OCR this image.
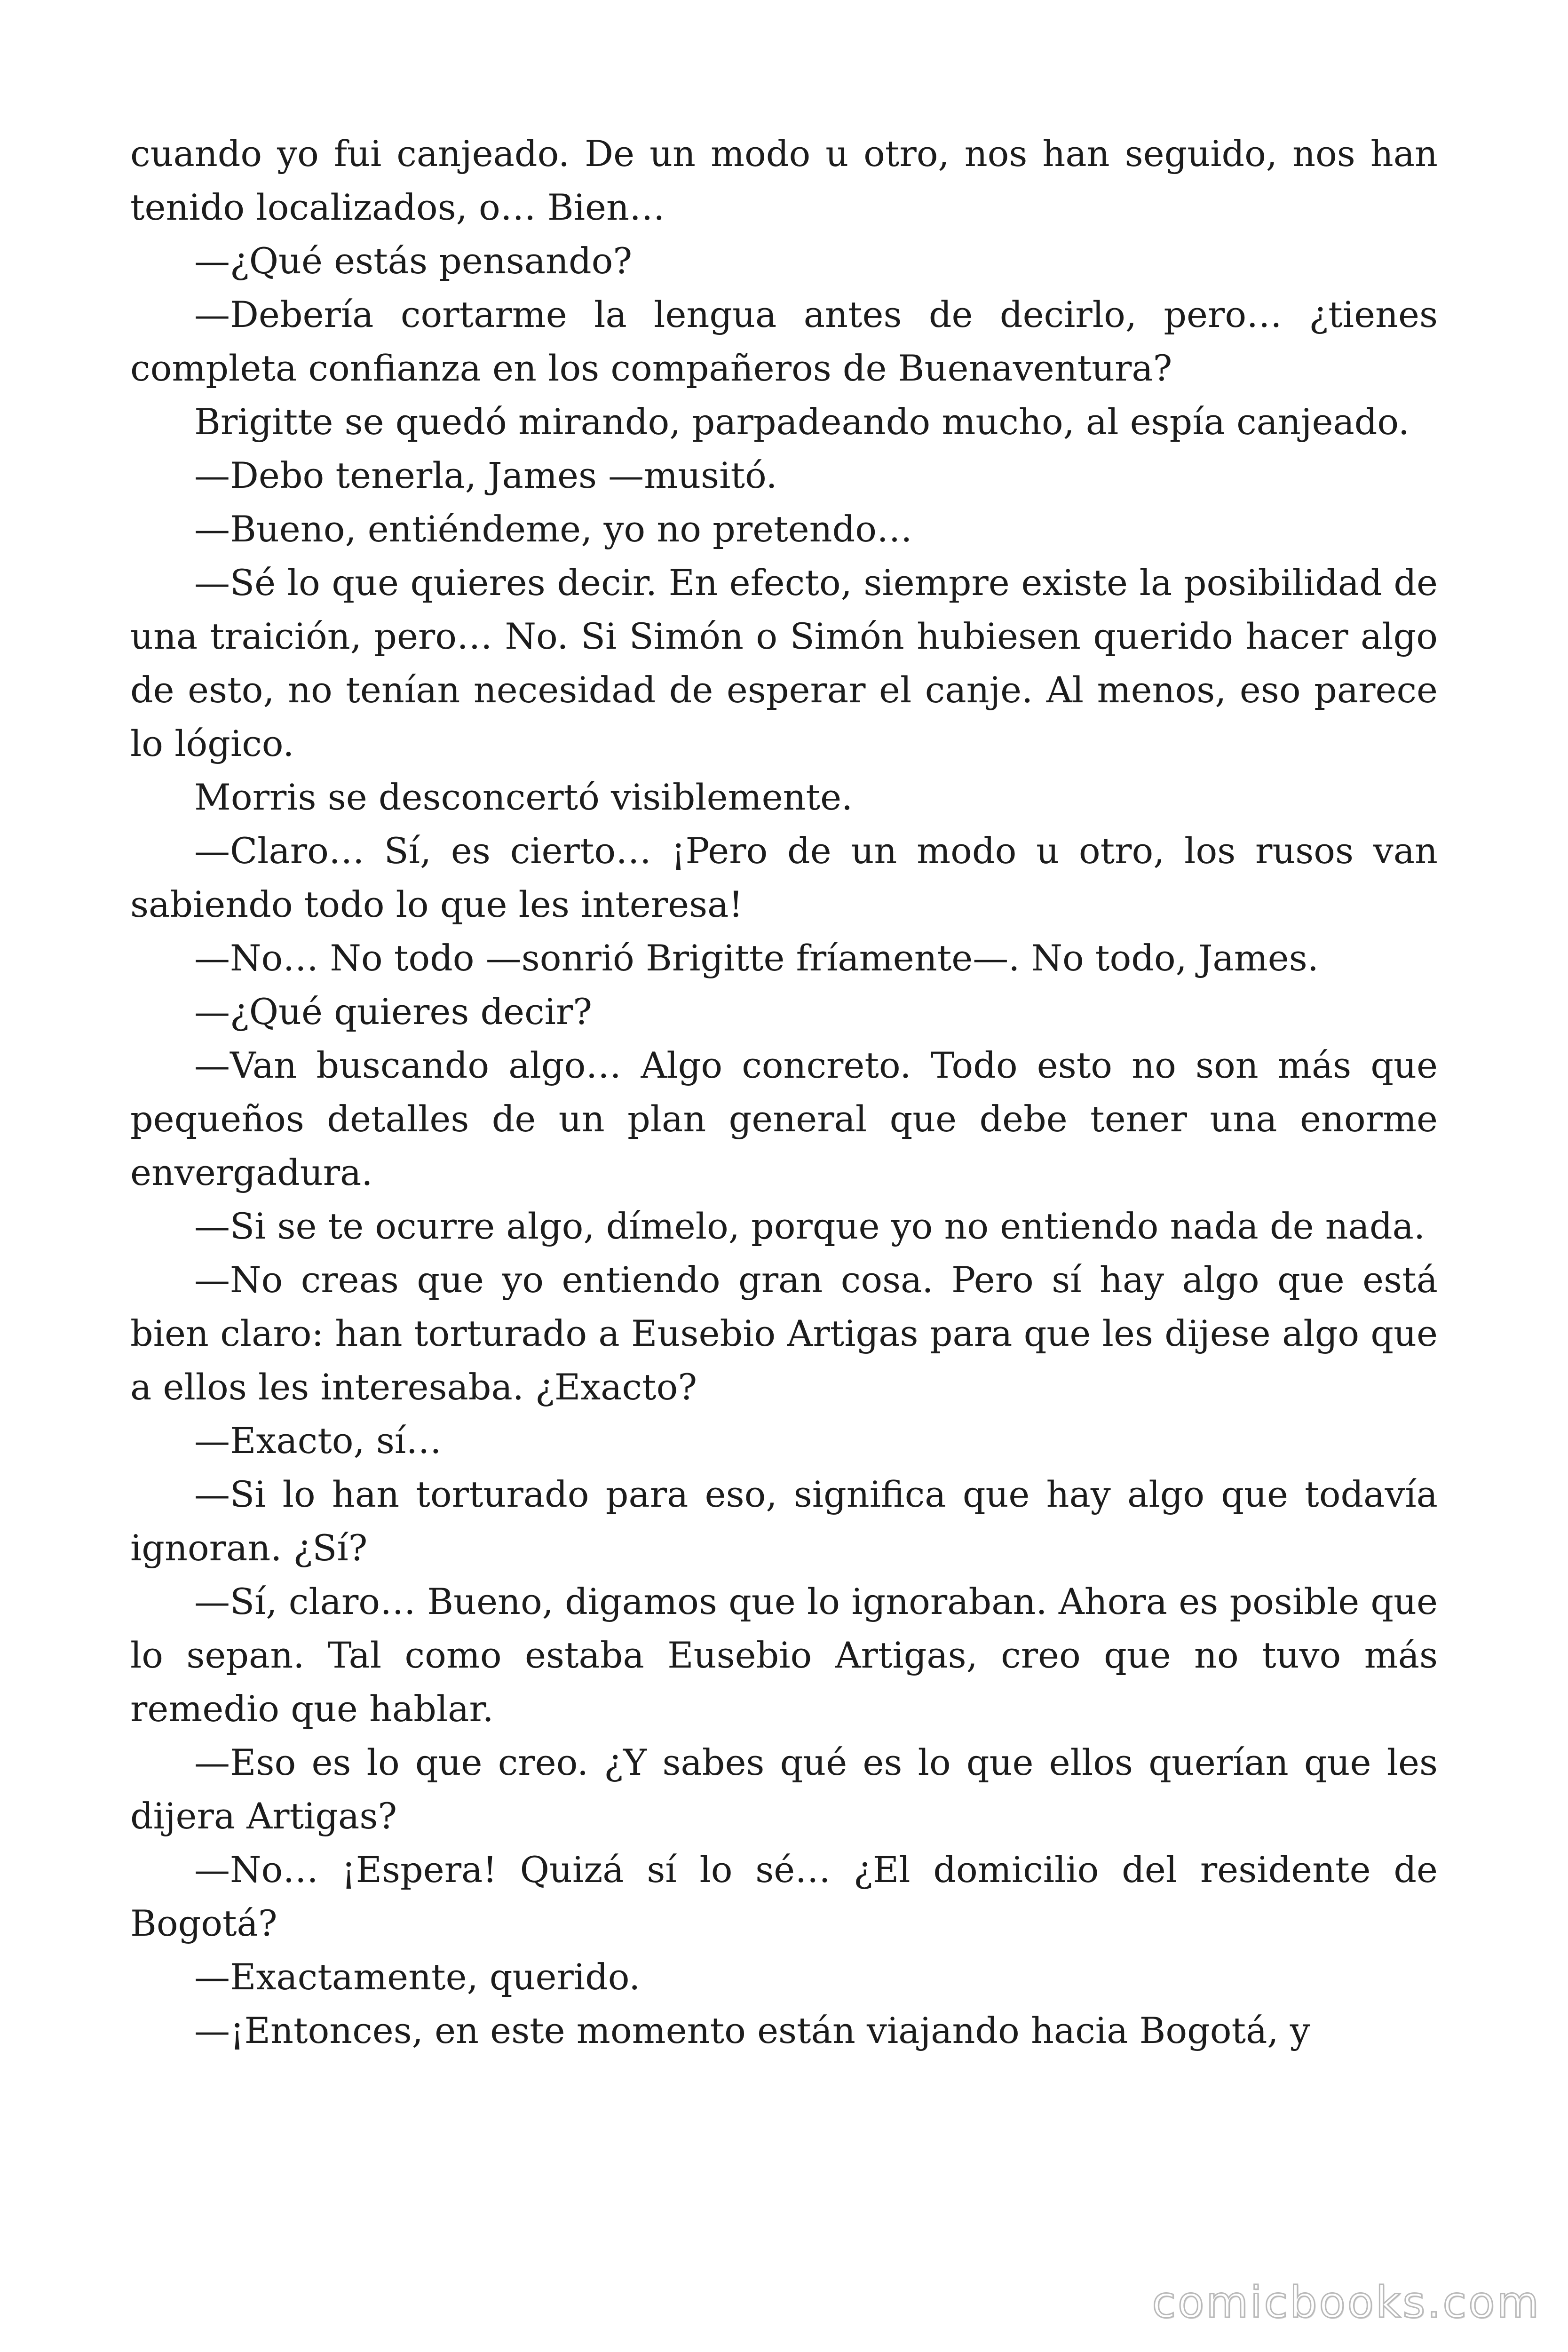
cuando yo fui canjeado. De un modo u otro, nos han seguido, nos han tenido localizados, o… Bien…

—¿Qué estás pensando?

—Debería cortarme la lengua antes de decirlo, pero… ¿tienes completa confianza en los compañeros de Buenaventura?

Brigitte se quedó mirando, parpadeando mucho, al espía canjeado.

—Debo tenerla, James —musitó.

—Bueno, entiéndeme, yo no pretendo…

—Sé lo que quieres decir. En efecto, siempre existe la posibilidad de una traición, pero… No. Si Simón o Simón hubiesen querido hacer algo de esto, no tenían necesidad de esperar el canje. Al menos, eso parece lo lógico.

Morris se desconcertó visiblemente.

—Claro… Sí, es cierto… ¡Pero de un modo u otro, los rusos van sabiendo todo lo que les interesa!

—No… No todo —sonrió Brigitte fríamente—. No todo, James.

—¿Qué quieres decir?

—Van buscando algo… Algo concreto. Todo esto no son más que pequeños detalles de un plan general que debe tener una enorme envergadura.

—Si se te ocurre algo, dímelo, porque yo no entiendo nada de nada.

—No creas que yo entiendo gran cosa. Pero sí hay algo que está bien claro: han torturado a Eusebio Artigas para que les dijese algo que a ellos les interesaba. ¿Exacto?

—Exacto, sí…

—Si lo han torturado para eso, significa que hay algo que todavía ignoran. ¿Sí?

—Sí, claro… Bueno, digamos que lo ignoraban. Ahora es posible que lo sepan. Tal como estaba Eusebio Artigas, creo que no tuvo más remedio que hablar.

—Eso es lo que creo. ¿Y sabes qué es lo que ellos querían que les dijera Artigas?

—No… ¡Espera! Quizá sí lo sé… ¿El domicilio del residente de Bogotá?

—Exactamente, querido.

—¡Entonces, en este momento están viajando hacia Bogotá, y

comicbooks.com
